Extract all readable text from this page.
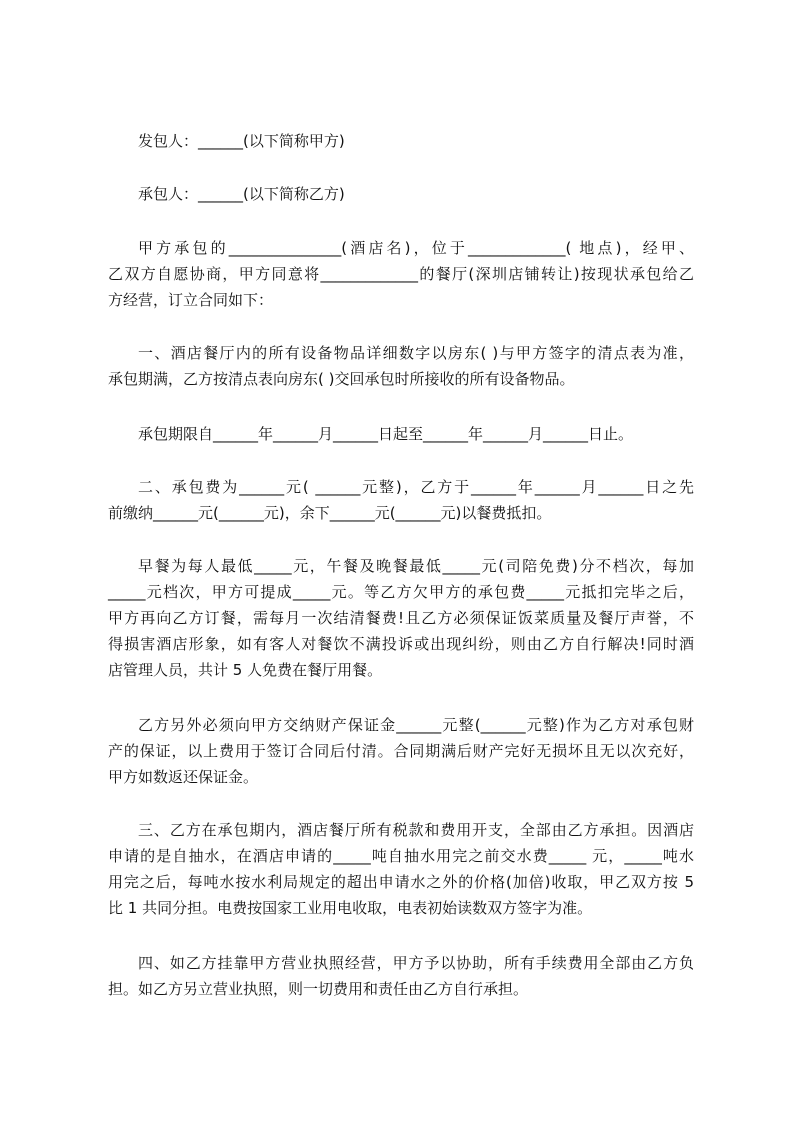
发包人：______(以下简称甲方)

承包人：______(以下简称乙方)

甲方承包的_______________(酒店名)，位于_____________( 地点)，经甲、
乙双方自愿协商，甲方同意将_____________的餐厅(深圳店铺转让)按现状承包给乙
方经营，订立合同如下：

一、酒店餐厅内的所有设备物品详细数字以房东( )与甲方签字的清点表为准，
承包期满，乙方按清点表向房东( )交回承包时所接收的所有设备物品。

承包期限自______年______月______日起至______年______月______日止。

二、承包费为______元( ______元整)，乙方于______年______月______日之先
前缴纳______元(______元)，余下______元(______元)以餐费抵扣。

早餐为每人最低_____元，午餐及晚餐最低_____元(司陪免费)分不档次，每加
_____元档次，甲方可提成_____元。等乙方欠甲方的承包费_____元抵扣完毕之后，
甲方再向乙方订餐，需每月一次结清餐费!且乙方必须保证饭菜质量及餐厅声誉，不
得损害酒店形象，如有客人对餐饮不满投诉或出现纠纷，则由乙方自行解决!同时酒
店管理人员，共计 5 人免费在餐厅用餐。

乙方另外必须向甲方交纳财产保证金______元整(______元整)作为乙方对承包财
产的保证，以上费用于签订合同后付清。合同期满后财产完好无损坏且无以次充好，
甲方如数返还保证金。

三、乙方在承包期内，酒店餐厅所有税款和费用开支，全部由乙方承担。因酒店
申请的是自抽水，在酒店申请的_____吨自抽水用完之前交水费_____ 元，_____吨水
用完之后，每吨水按水利局规定的超出申请水之外的价格(加倍)收取，甲乙双方按 5
比 1 共同分担。电费按国家工业用电收取，电表初始读数双方签字为准。

四、如乙方挂靠甲方营业执照经营，甲方予以协助，所有手续费用全部由乙方负
担。如乙方另立营业执照，则一切费用和责任由乙方自行承担。
